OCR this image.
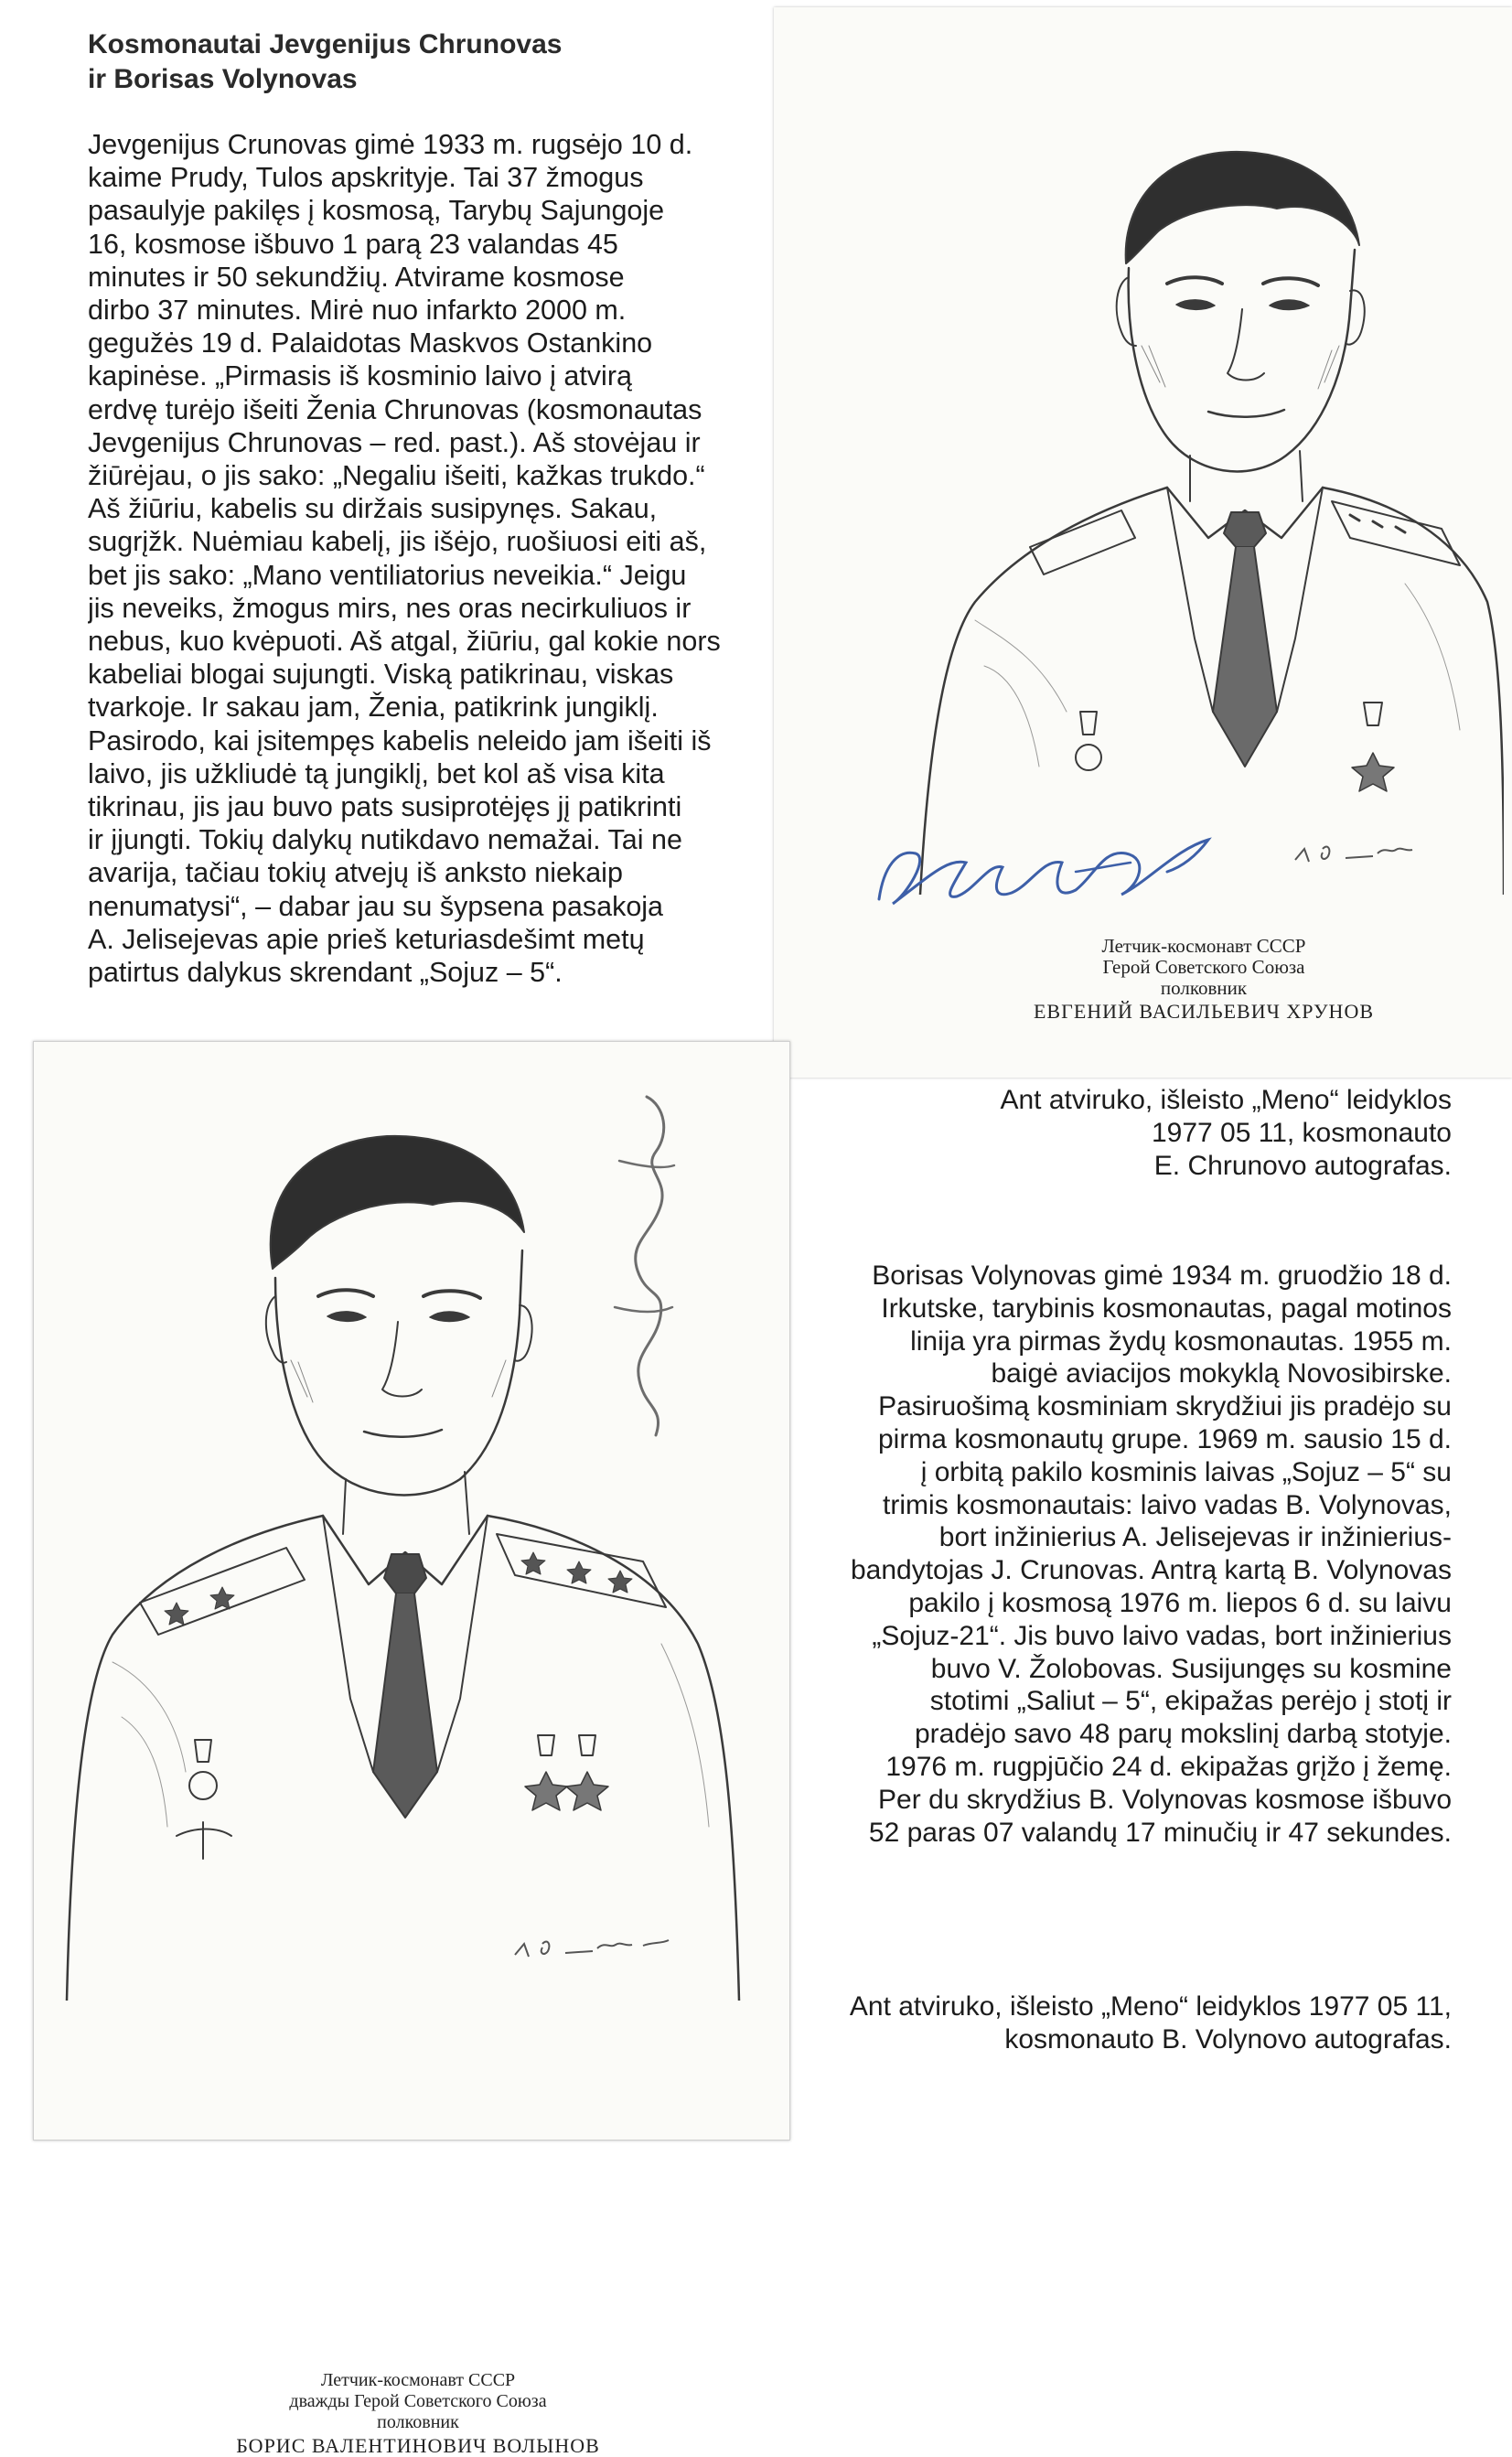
Kosmonautai Jevgenijus Chrunovas
ir Borisas Volynovas
Jevgenijus Crunovas gimė 1933 m. rugsėjo 10 d.
kaime Prudy, Tulos apskrityje. Tai 37 žmogus
pasaulyje pakilęs į kosmosą, Tarybų Sajungoje
16, kosmose išbuvo 1 parą 23 valandas 45
minutes ir 50 sekundžių. Atvirame kosmose
dirbo 37 minutes. Mirė nuo infarkto 2000 m.
gegužės 19 d. Palaidotas Maskvos Ostankino
kapinėse. „Pirmasis iš kosminio laivo į atvirą
erdvę turėjo išeiti Ženia Chrunovas (kosmonautas
Jevgenijus Chrunovas – red. past.). Aš stovėjau ir
žiūrėjau, o jis sako: „Negaliu išeiti, kažkas trukdo.“
Aš žiūriu, kabelis su diržais susipynęs. Sakau,
sugrįžk. Nuėmiau kabelį, jis išėjo, ruošiuosi eiti aš,
bet jis sako: „Mano ventiliatorius neveikia.“ Jeigu
jis neveiks, žmogus mirs, nes oras necirkuliuos ir
nebus, kuo kvėpuoti. Aš atgal, žiūriu, gal kokie nors
kabeliai blogai sujungti. Viską patikrinau, viskas
tvarkoje. Ir sakau jam, Ženia, patikrink jungiklį.
Pasirodo, kai įsitempęs kabelis neleido jam išeiti iš
laivo, jis užkliudė tą jungiklį, bet kol aš visa kita
tikrinau, jis jau buvo pats susiprotėjęs jį patikrinti
ir įjungti. Tokių dalykų nutikdavo nemažai. Tai ne
avarija, tačiau tokių atvejų iš anksto niekaip
nenumatysi“, – dabar jau su šypsena pasakoja
A. Jelisejevas apie prieš keturiasdešimt metų
patirtus dalykus skrendant „Sojuz – 5“.
Летчик-космонавт СССР
Герой Советского Союза
полковник
ЕВГЕНИЙ ВАСИЛЬЕВИЧ ХРУНОВ
Ant atviruko, išleisto „Meno“ leidyklos
1977 05 11, kosmonauto
E. Chrunovo autografas.
Летчик-космонавт СССР
дважды Герой Советского Союза
полковник
БОРИС ВАЛЕНТИНОВИЧ ВОЛЫНОВ
Borisas Volynovas gimė 1934 m. gruodžio 18 d.
Irkutske, tarybinis kosmonautas, pagal motinos
linija yra pirmas žydų kosmonautas. 1955 m.
baigė aviacijos mokyklą Novosibirske.
Pasiruošimą kosminiam skrydžiui jis pradėjo su
pirma kosmonautų grupe. 1969 m. sausio 15 d.
į orbitą pakilo kosminis laivas „Sojuz – 5“ su
trimis kosmonautais: laivo vadas B. Volynovas,
bort inžinierius A. Jelisejevas ir inžinierius-
bandytojas J. Crunovas. Antrą kartą B. Volynovas
pakilo į kosmosą 1976 m. liepos 6 d. su laivu
„Sojuz-21“. Jis buvo laivo vadas, bort inžinierius
buvo V. Žolobovas. Susijungęs su kosmine
stotimi „Saliut – 5“, ekipažas perėjo į stotį ir
pradėjo savo 48 parų mokslinį darbą stotyje.
1976 m. rugpjūčio 24 d. ekipažas grįžo į žemę.
Per du skrydžius B. Volynovas kosmose išbuvo
52 paras 07 valandų 17 minučių ir 47 sekundes.
Ant atviruko, išleisto „Meno“ leidyklos 1977 05 11,
kosmonauto B. Volynovo autografas.
